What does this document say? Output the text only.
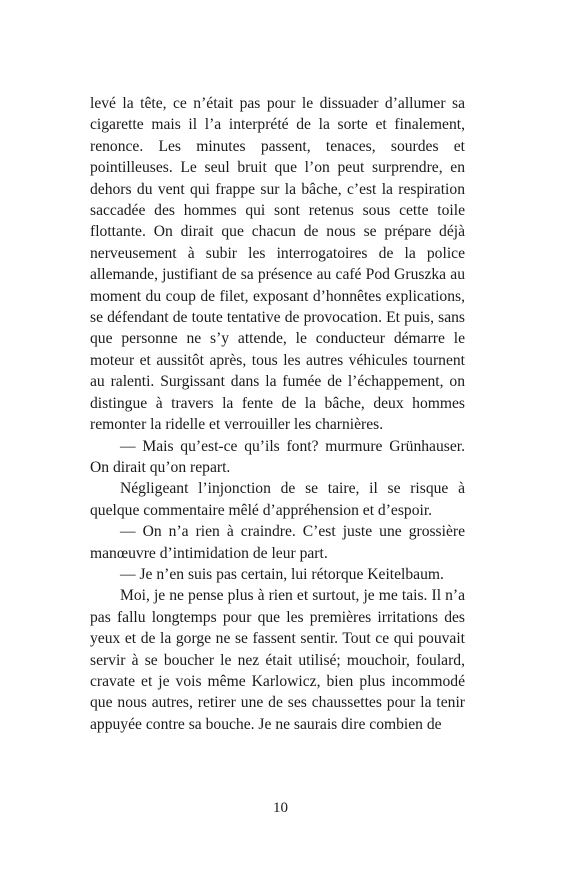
levé la tête, ce n’était pas pour le dissuader d’allumer sa cigarette mais il l’a interprété de la sorte et finalement, renonce. Les minutes passent, tenaces, sourdes et pointilleuses. Le seul bruit que l’on peut surprendre, en dehors du vent qui frappe sur la bâche, c’est la respiration saccadée des hommes qui sont retenus sous cette toile flottante. On dirait que chacun de nous se prépare déjà nerveusement à subir les interrogatoires de la police allemande, justifiant de sa présence au café Pod Gruszka au moment du coup de filet, exposant d’honnêtes explications, se défendant de toute tentative de provocation. Et puis, sans que personne ne s’y attende, le conducteur démarre le moteur et aussitôt après, tous les autres véhicules tournent au ralenti. Surgissant dans la fumée de l’échappement, on distingue à travers la fente de la bâche, deux hommes remonter la ridelle et verrouiller les charnières.

— Mais qu’est-ce qu’ils font? murmure Grünhauser. On dirait qu’on repart.

Négligeant l’injonction de se taire, il se risque à quelque commentaire mêlé d’appréhension et d’espoir.

— On n’a rien à craindre. C’est juste une grossière manœuvre d’intimidation de leur part.

— Je n’en suis pas certain, lui rétorque Keitelbaum.

Moi, je ne pense plus à rien et surtout, je me tais. Il n’a pas fallu longtemps pour que les premières irritations des yeux et de la gorge ne se fassent sentir. Tout ce qui pouvait servir à se boucher le nez était utilisé; mouchoir, foulard, cravate et je vois même Karlowicz, bien plus incommodé que nous autres, retirer une de ses chaussettes pour la tenir appuyée contre sa bouche. Je ne saurais dire combien de

10
